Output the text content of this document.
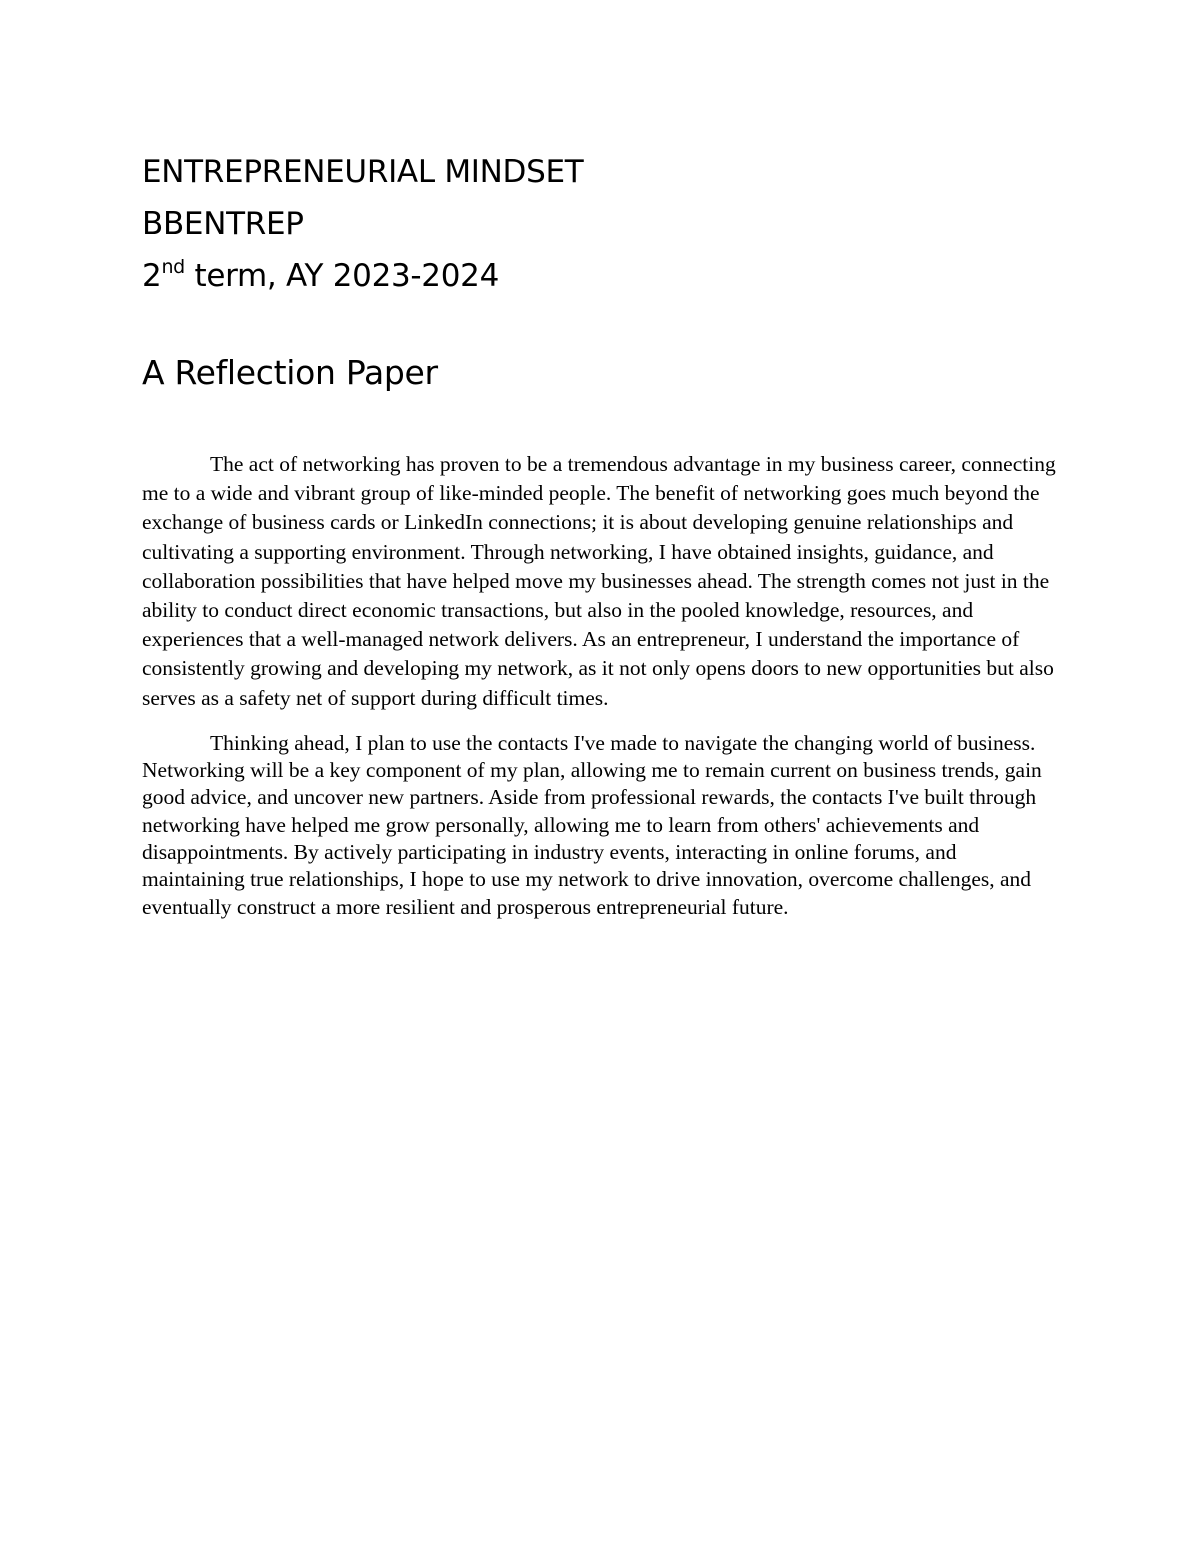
ENTREPRENEURIAL MINDSET
BBENTREP
2nd term, AY 2023-2024
A Reflection Paper

The act of networking has proven to be a tremendous advantage in my business career, connecting me to a wide and vibrant group of like-minded people. The benefit of networking goes much beyond the exchange of business cards or LinkedIn connections; it is about developing genuine relationships and cultivating a supporting environment. Through networking, I have obtained insights, guidance, and collaboration possibilities that have helped move my businesses ahead. The strength comes not just in the ability to conduct direct economic transactions, but also in the pooled knowledge, resources, and experiences that a well-managed network delivers. As an entrepreneur, I understand the importance of consistently growing and developing my network, as it not only opens doors to new opportunities but also serves as a safety net of support during difficult times.

Thinking ahead, I plan to use the contacts I've made to navigate the changing world of business. Networking will be a key component of my plan, allowing me to remain current on business trends, gain good advice, and uncover new partners. Aside from professional rewards, the contacts I've built through networking have helped me grow personally, allowing me to learn from others' achievements and disappointments. By actively participating in industry events, interacting in online forums, and maintaining true relationships, I hope to use my network to drive innovation, overcome challenges, and eventually construct a more resilient and prosperous entrepreneurial future.
